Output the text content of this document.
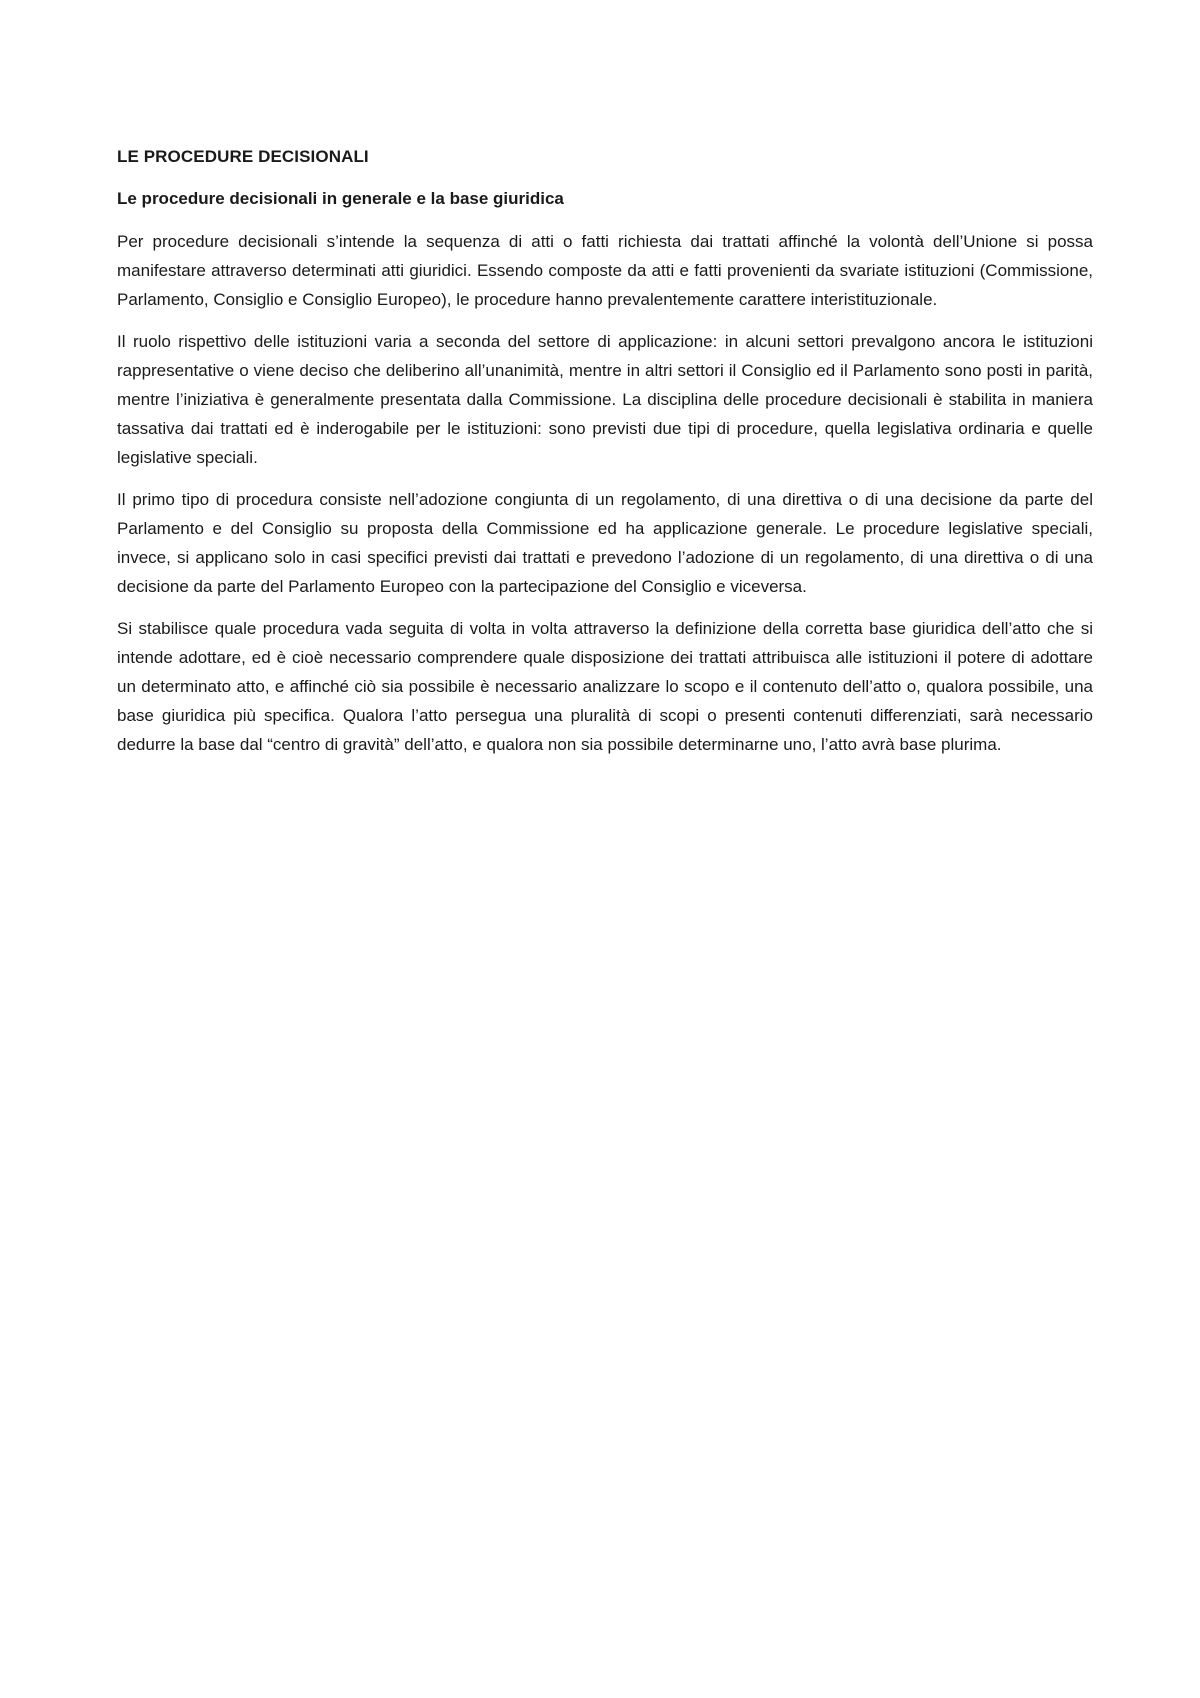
LE PROCEDURE DECISIONALI
Le procedure decisionali in generale e la base giuridica

Per procedure decisionali s’intende la sequenza di atti o fatti richiesta dai trattati affinché la volontà dell’Unione si possa manifestare attraverso determinati atti giuridici. Essendo composte da atti e fatti provenienti da svariate istituzioni (Commissione, Parlamento, Consiglio e Consiglio Europeo), le procedure hanno prevalentemente carattere interistituzionale.

Il ruolo rispettivo delle istituzioni varia a seconda del settore di applicazione: in alcuni settori prevalgono ancora le istituzioni rappresentative o viene deciso che deliberino all’unanimità, mentre in altri settori il Consiglio ed il Parlamento sono posti in parità, mentre l’iniziativa è generalmente presentata dalla Commissione. La disciplina delle procedure decisionali è stabilita in maniera tassativa dai trattati ed è inderogabile per le istituzioni: sono previsti due tipi di procedure, quella legislativa ordinaria e quelle legislative speciali.

Il primo tipo di procedura consiste nell’adozione congiunta di un regolamento, di una direttiva o di una decisione da parte del Parlamento e del Consiglio su proposta della Commissione ed ha applicazione generale. Le procedure legislative speciali, invece, si applicano solo in casi specifici previsti dai trattati e prevedono l’adozione di un regolamento, di una direttiva o di una decisione da parte del Parlamento Europeo con la partecipazione del Consiglio e viceversa.

Si stabilisce quale procedura vada seguita di volta in volta attraverso la definizione della corretta base giuridica dell’atto che si intende adottare, ed è cioè necessario comprendere quale disposizione dei trattati attribuisca alle istituzioni il potere di adottare un determinato atto, e affinché ciò sia possibile è necessario analizzare lo scopo e il contenuto dell’atto o, qualora possibile, una base giuridica più specifica. Qualora l’atto persegua una pluralità di scopi o presenti contenuti differenziati, sarà necessario dedurre la base dal “centro di gravità” dell’atto, e qualora non sia possibile determinarne uno, l’atto avrà base plurima.
